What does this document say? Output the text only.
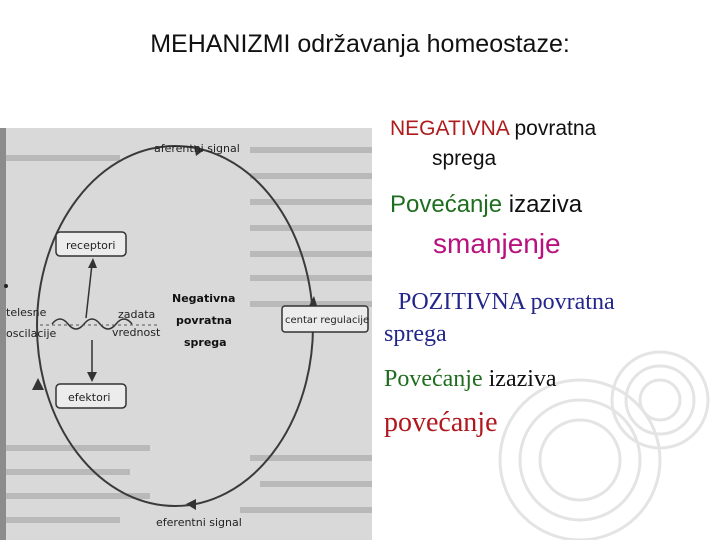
MEHANIZMI održavanja homeostaze:
aferentni signal
receptori
telesne
oscilacije
zadata
vrednost
Negativna
povratna
sprega
centar regulacije
efektori
eferentni signal
NEGATIVNA povratna
sprega
Povećanje izaziva
smanjenje
POZITIVNA povratna
sprega
Povećanje izaziva
povećanje
